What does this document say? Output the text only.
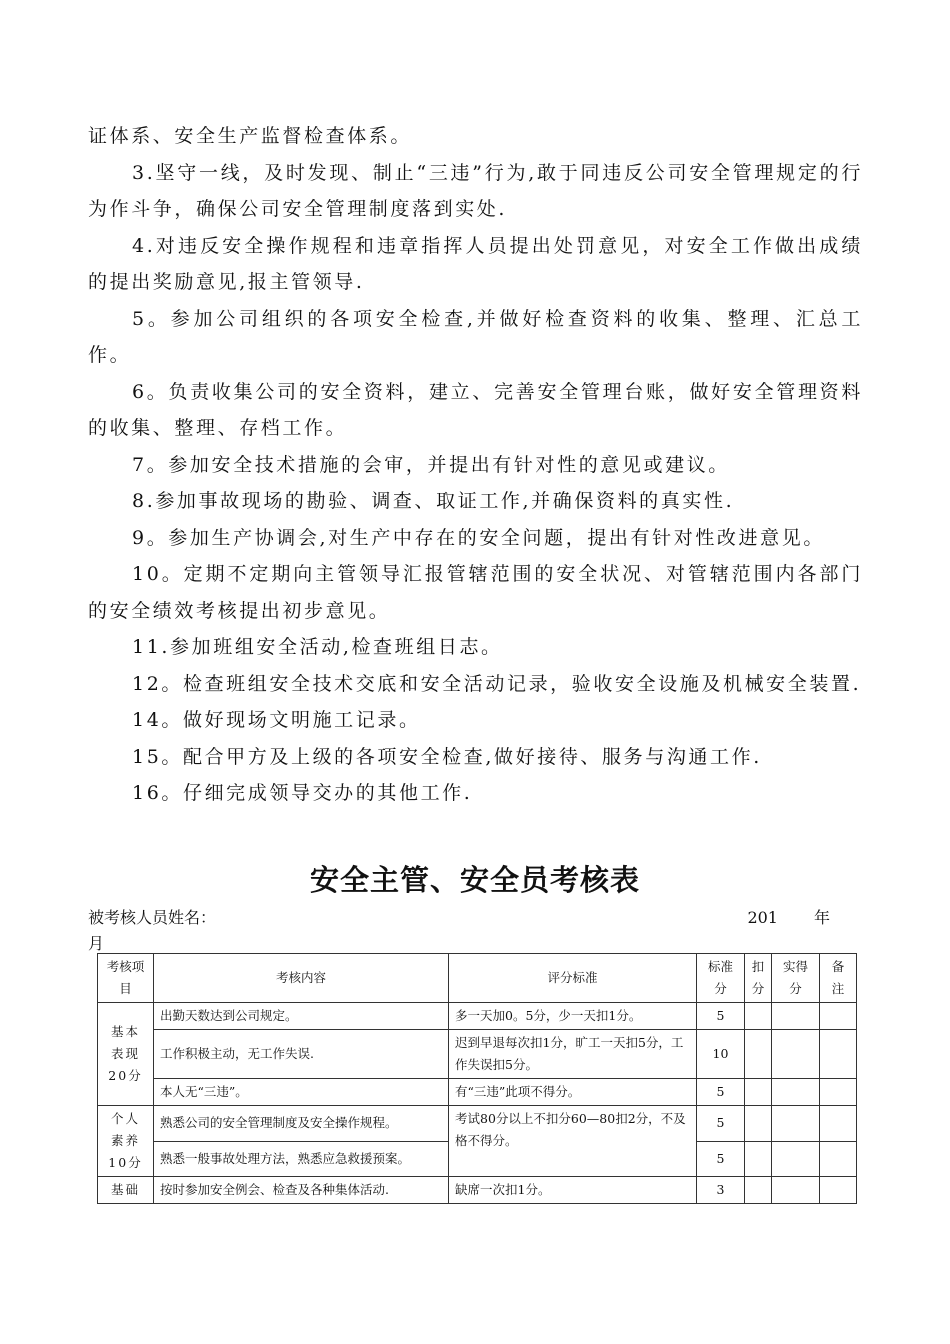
证体系、安全生产监督检查体系。

3.坚守一线，及时发现、制止“三违”行为,敢于同违反公司安全管理规定的行为作斗争，确保公司安全管理制度落到实处.

4.对违反安全操作规程和违章指挥人员提出处罚意见，对安全工作做出成绩的提出奖励意见,报主管领导.

5。参加公司组织的各项安全检查,并做好检查资料的收集、整理、汇总工作。

6。负责收集公司的安全资料，建立、完善安全管理台账，做好安全管理资料的收集、整理、存档工作。

7。参加安全技术措施的会审，并提出有针对性的意见或建议。

8.参加事故现场的勘验、调查、取证工作,并确保资料的真实性.

9。参加生产协调会,对生产中存在的安全问题，提出有针对性改进意见。

10。定期不定期向主管领导汇报管辖范围的安全状况、对管辖范围内各部门的安全绩效考核提出初步意见。

11.参加班组安全活动,检查班组日志。

12。检查班组安全技术交底和安全活动记录，验收安全设施及机械安全装置.

14。做好现场文明施工记录。

15。配合甲方及上级的各项安全检查,做好接待、服务与沟通工作.

16。仔细完成领导交办的其他工作.

安全主管、安全员考核表
被考核人员姓名：	201 年
月
考核项目	考核内容	评分标准	标准分	扣分	实得分	备注
基本表现20分	出勤天数达到公司规定。	多一天加0。5分，少一天扣1分。	5			
	工作积极主动，无工作失误.	迟到早退每次扣1分，旷工一天扣5分，工作失误扣5分。	10			
	本人无“三违”。	有“三违”此项不得分。	5			
个人素养10分	熟悉公司的安全管理制度及安全操作规程。	考试80分以上不扣分60—80扣2分，不及格不得分。	5			
	熟悉一般事故处理方法，熟悉应急救援预案。		5			
基础	按时参加安全例会、检查及各种集体活动.	缺席一次扣1分。	3			
